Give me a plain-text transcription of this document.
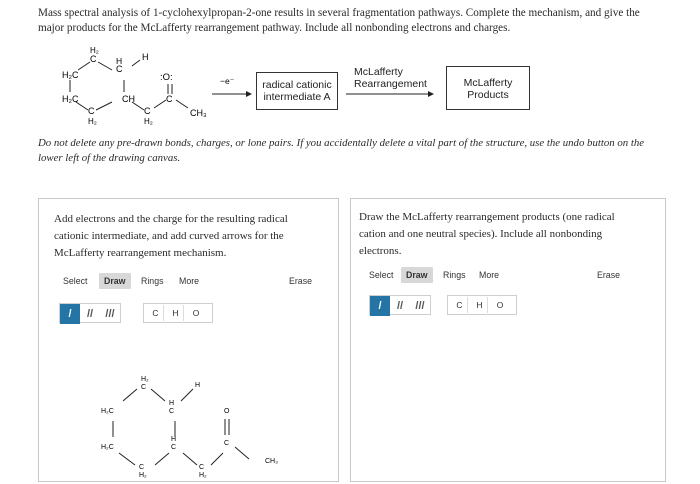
Mass spectral analysis of 1-cyclohexylpropan-2-one results in several fragmentation pathways. Complete the mechanism, and give the major products for the McLafferty rearrangement pathway. Include all nonbonding electrons and charges.
H₂
C H
C
H
H₂C	:O:
H₂C	CH	C
C
H₂
C
H₂
CH₃
−e⁻	radical cationic
intermediate A
McLafferty
Rearrangement	McLafferty
Products
Do not delete any pre-drawn bonds, charges, or lone pairs. If you accidentally delete a vital part of the structure, use the undo button on the lower left of the drawing canvas.
Add electrons and the charge for the resulting radical cationic intermediate, and add curved arrows for the McLafferty rearrangement mechanism.
Select	Draw	Rings More	Erase
/	//	///	C	H	O
H₂
C
H
C
H
H₂C
H₂C
H
C
O
C
C
H₂
C
H₂
CH₃
Draw the McLafferty rearrangement products (one radical cation and one neutral species). Include all nonbonding electrons.
Select	Draw	Rings More	Erase
/	//	///	C	H	O
